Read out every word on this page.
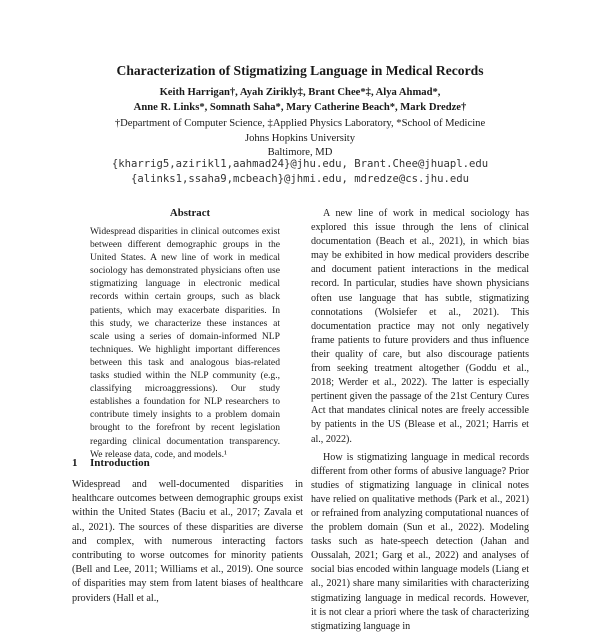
Characterization of Stigmatizing Language in Medical Records
Keith Harrigan†, Ayah Zirikly‡, Brant Chee*‡, Alya Ahmad*,
Anne R. Links*, Somnath Saha*, Mary Catherine Beach*, Mark Dredze†
†Department of Computer Science, ‡Applied Physics Laboratory, *School of Medicine
Johns Hopkins University
Baltimore, MD
{kharrig5,azirikl1,aahmad24}@jhu.edu, Brant.Chee@jhuapl.edu
{alinks1,ssaha9,mcbeach}@jhmi.edu, mdredze@cs.jhu.edu
Abstract

Widespread disparities in clinical outcomes exist between different demographic groups in the United States. A new line of work in medical sociology has demonstrated physicians often use stigmatizing language in electronic medical records within certain groups, such as black patients, which may exacerbate disparities. In this study, we characterize these instances at scale using a series of domain-informed NLP techniques. We highlight important differences between this task and analogous bias-related tasks studied within the NLP community (e.g., classifying microaggressions). Our study establishes a foundation for NLP researchers to contribute timely insights to a problem domain brought to the forefront by recent legislation regarding clinical documentation transparency. We release data, code, and models.¹

1 Introduction

Widespread and well-documented disparities in healthcare outcomes between demographic groups exist within the United States (Baciu et al., 2017; Zavala et al., 2021). The sources of these disparities are diverse and complex, with numerous interacting factors contributing to worse outcomes for minority patients (Bell and Lee, 2011; Williams et al., 2019). One source of disparities may stem from latent biases of healthcare providers (Hall et al.,

A new line of work in medical sociology has explored this issue through the lens of clinical documentation (Beach et al., 2021), in which bias may be exhibited in how medical providers describe and document patient interactions in the medical record. In particular, studies have shown physicians often use language that has subtle, stigmatizing connotations (Wolsiefer et al., 2021). This documentation practice may not only negatively frame patients to future providers and thus influence their quality of care, but also discourage patients from seeking treatment altogether (Goddu et al., 2018; Werder et al., 2022). The latter is especially pertinent given the passage of the 21st Century Cures Act that mandates clinical notes are freely accessible by patients in the US (Blease et al., 2021; Harris et al., 2022).

How is stigmatizing language in medical records different from other forms of abusive language? Prior studies of stigmatizing language in clinical notes have relied on qualitative methods (Park et al., 2021) or refrained from analyzing computational nuances of the problem domain (Sun et al., 2022). Modeling tasks such as hate-speech detection (Jahan and Oussalah, 2021; Garg et al., 2022) and analyses of social bias encoded within language models (Liang et al., 2021) share many similarities with characterizing stigmatizing language in medical records. However, it is not clear a priori where the task of characterizing stigmatizing language in
